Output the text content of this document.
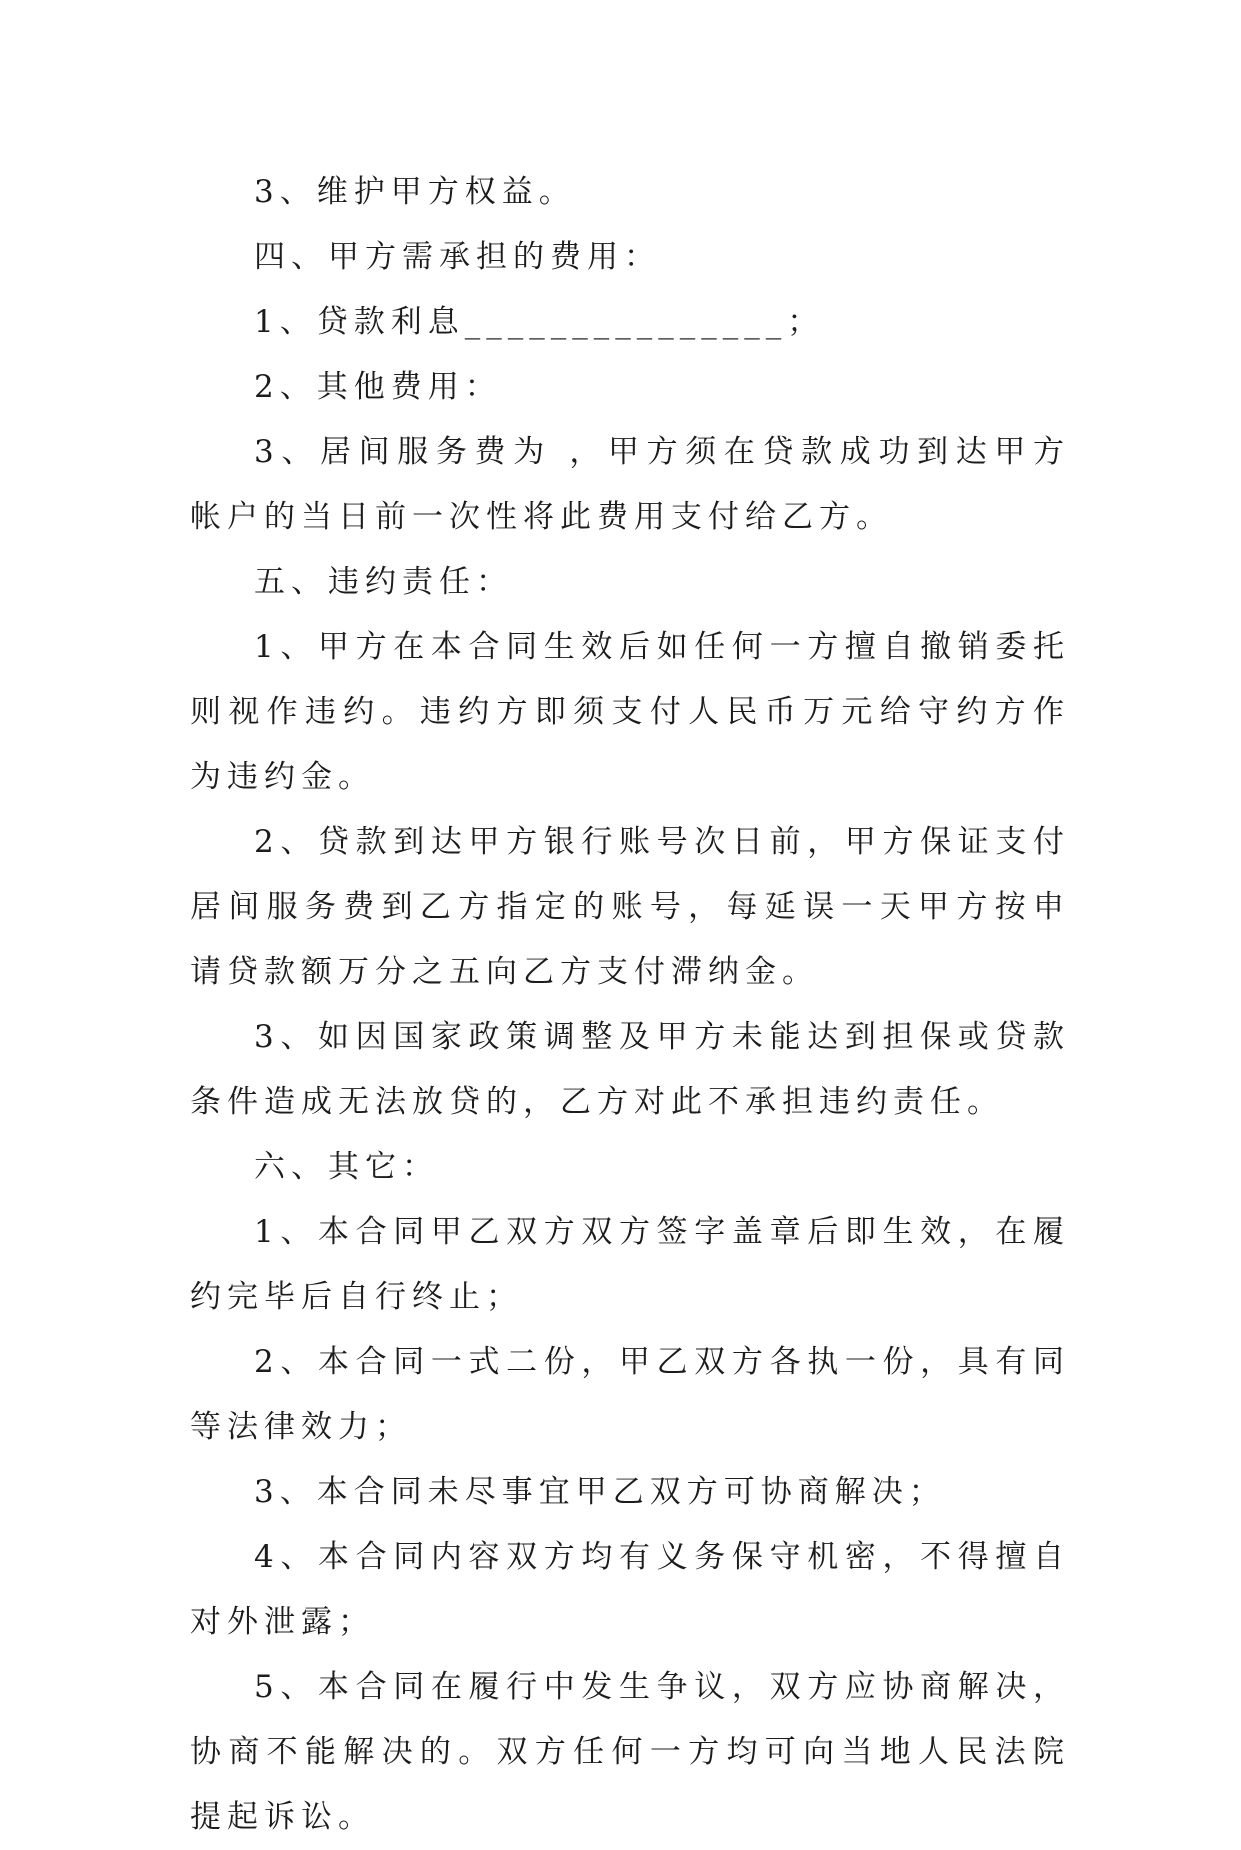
3、维护甲方权益。

四、甲方需承担的费用：

1、贷款利息_______________；

2、其他费用：

3、居间服务费为 ，甲方须在贷款成功到达甲方帐户的当日前一次性将此费用支付给乙方。

五、违约责任：

1、甲方在本合同生效后如任何一方擅自撤销委托则视作违约。违约方即须支付人民币万元给守约方作为违约金。

2、贷款到达甲方银行账号次日前，甲方保证支付居间服务费到乙方指定的账号，每延误一天甲方按申请贷款额万分之五向乙方支付滞纳金。

3、如因国家政策调整及甲方未能达到担保或贷款条件造成无法放贷的，乙方对此不承担违约责任。

六、其它：

1、本合同甲乙双方双方签字盖章后即生效，在履约完毕后自行终止；

2、本合同一式二份，甲乙双方各执一份，具有同等法律效力；

3、本合同未尽事宜甲乙双方可协商解决；

4、本合同内容双方均有义务保守机密，不得擅自对外泄露；

5、本合同在履行中发生争议，双方应协商解决，协商不能解决的。双方任何一方均可向当地人民法院提起诉讼。
